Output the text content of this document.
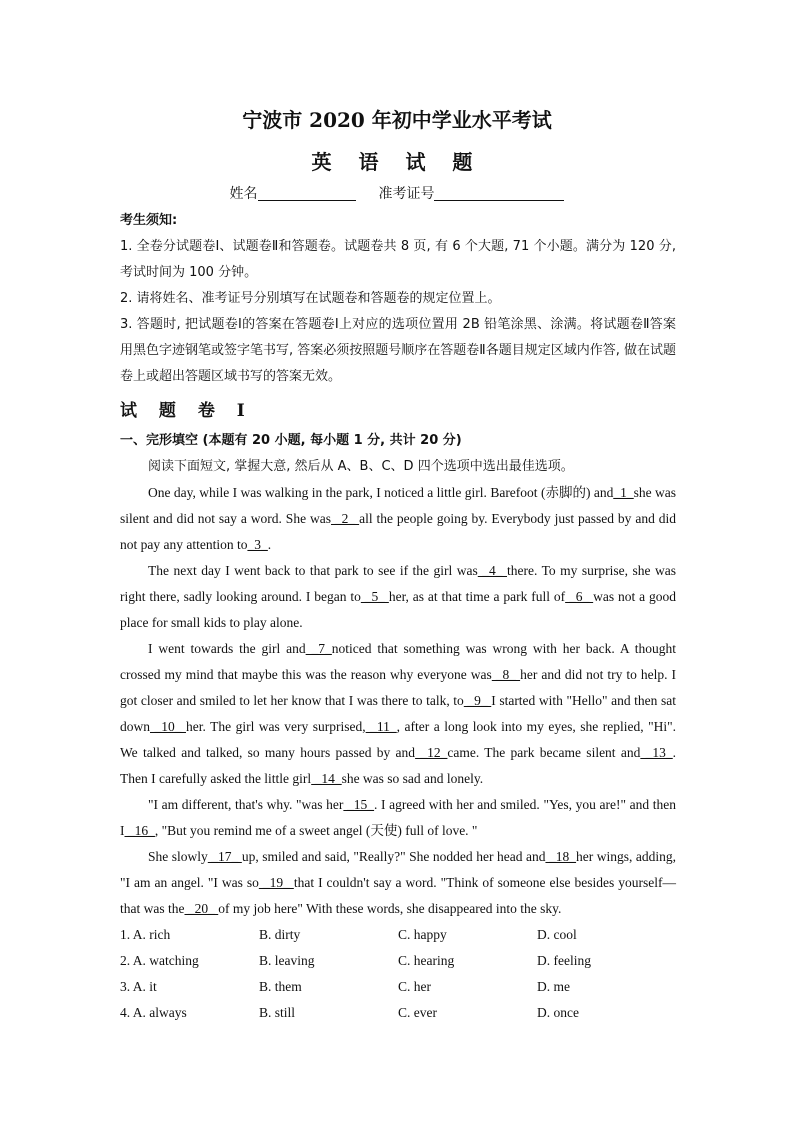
宁波市 2020 年初中学业水平考试
英 语 试 题
姓名	准考证号

考生须知:

1. 全卷分试题卷Ⅰ、试题卷Ⅱ和答题卷。试题卷共 8 页, 有 6 个大题, 71 个小题。满分为 120 分, 考试时间为 100 分钟。

2. 请将姓名、准考证号分别填写在试题卷和答题卷的规定位置上。

3. 答题时, 把试题卷Ⅰ的答案在答题卷Ⅰ上对应的选项位置用 2B 铅笔涂黑、涂满。将试题卷Ⅱ答案用黑色字迹钢笔或签字笔书写, 答案必须按照题号顺序在答题卷Ⅱ各题目规定区域内作答, 做在试题卷上或超出答题区域书写的答案无效。

试 题 卷 Ⅰ

一、完形填空 (本题有 20 小题, 每小题 1 分, 共计 20 分)

阅读下面短文, 掌握大意, 然后从 A、B、C、D 四个选项中选出最佳选项。

One day, while I was walking in the park, I noticed a little girl. Barefoot (赤脚的) and_1_she was silent and did not say a word. She was _2_ all the people going by. Everybody just passed by and did not pay any attention to_3_.

The next day I went back to that park to see if the girl was _4_ there. To my surprise, she was right there, sadly looking around. I began to _5_ her, as at that time a park full of _6_ was not a good place for small kids to play alone.

I went towards the girl and _7_noticed that something was wrong with her back. A thought crossed my mind that maybe this was the reason why everyone was _8_ her and did not try to help. I got closer and smiled to let her know that I was there to talk, to _9_ I started with "Hello" and then sat down _10_ her. The girl was very surprised, _11_, after a long look into my eyes, she replied, "Hi". We talked and talked, so many hours passed by and _12_came. The park became silent and _13_. Then I carefully asked the little girl _14_she was so sad and lonely.

"I am different, that's why. "was her _15_. I agreed with her and smiled. "Yes, you are!" and then I _16_, "But you remind me of a sweet angel (天使) full of love. "

She slowly _17_ up, smiled and said, "Really?" She nodded her head and _18_her wings, adding, "I am an angel. "I was so _19_ that I couldn't say a word. "Think of someone else besides yourself—that was the _20_ of my job here" With these words, she disappeared into the sky.

1. A. rich	B. dirty	C. happy	D. cool
2. A. watching	B. leaving	C. hearing	D. feeling
3. A. it	B. them	C. her	D. me
4. A. always	B. still	C. ever	D. once
